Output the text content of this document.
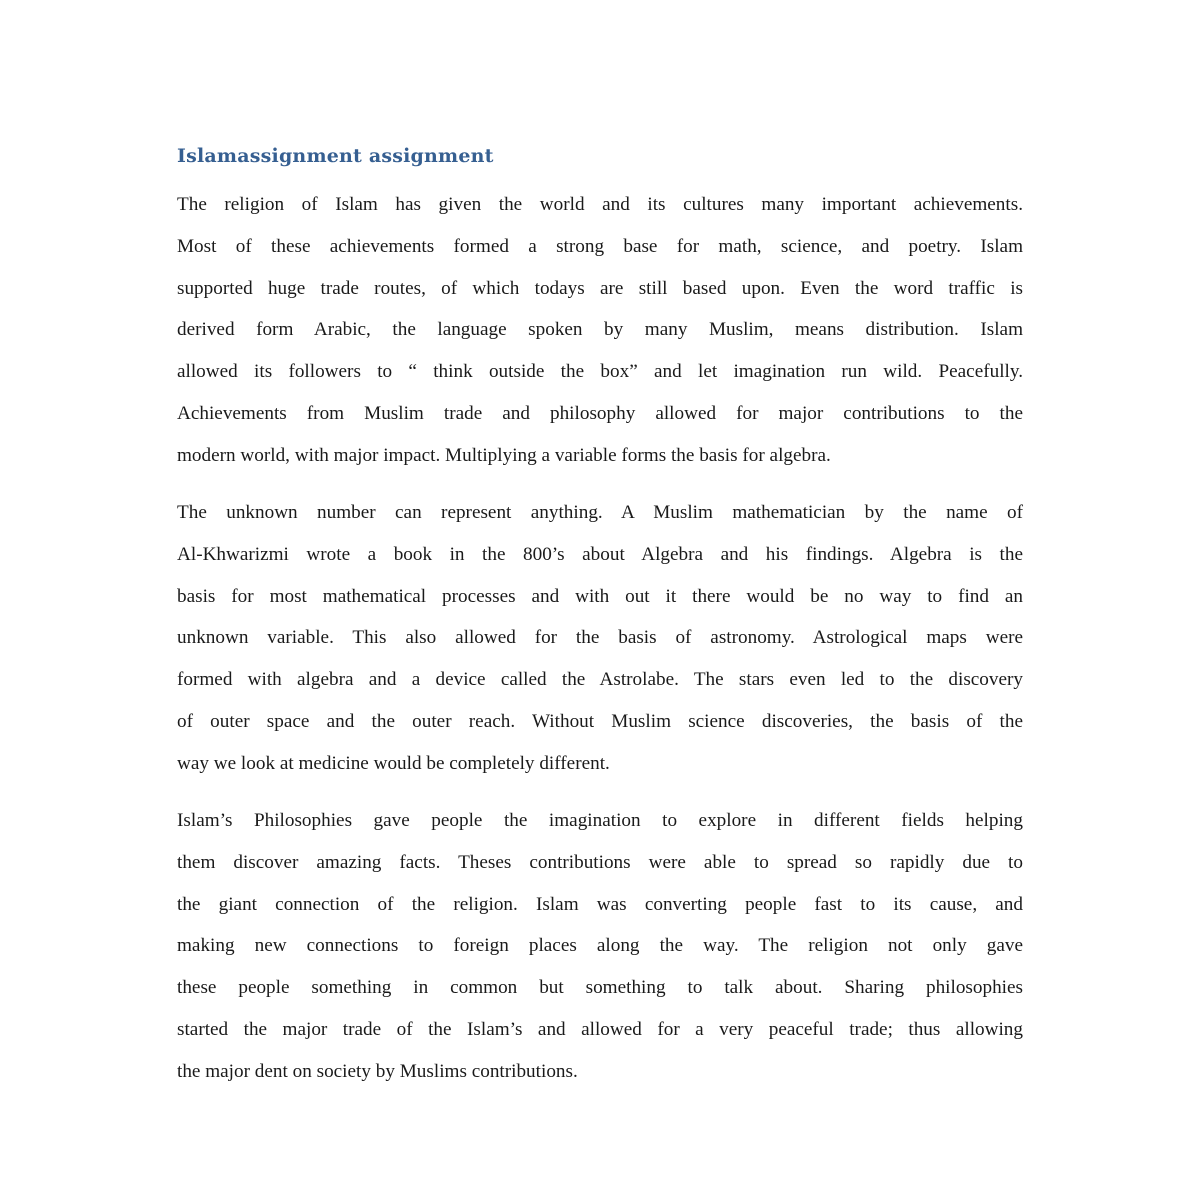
Islamassignment assignment

The religion of Islam has given the world and its cultures many important achievements.
Most of these achievements formed a strong base for math, science, and poetry. Islam
supported huge trade routes, of which todays are still based upon. Even the word traffic is
derived form Arabic, the language spoken by many Muslim, means distribution. Islam
allowed its followers to “ think outside the box” and let imagination run wild. Peacefully.
Achievements from Muslim trade and philosophy allowed for major contributions to the
modern world, with major impact. Multiplying a variable forms the basis for algebra.

The unknown number can represent anything. A Muslim mathematician by the name of
Al-Khwarizmi wrote a book in the 800’s about Algebra and his findings. Algebra is the
basis for most mathematical processes and with out it there would be no way to find an
unknown variable. This also allowed for the basis of astronomy. Astrological maps were
formed with algebra and a device called the Astrolabe. The stars even led to the discovery
of outer space and the outer reach. Without Muslim science discoveries, the basis of the
way we look at medicine would be completely different.

Islam’s Philosophies gave people the imagination to explore in different fields helping
them discover amazing facts. Theses contributions were able to spread so rapidly due to
the giant connection of the religion. Islam was converting people fast to its cause, and
making new connections to foreign places along the way. The religion not only gave
these people something in common but something to talk about. Sharing philosophies
started the major trade of the Islam’s and allowed for a very peaceful trade; thus allowing
the major dent on society by Muslims contributions.
